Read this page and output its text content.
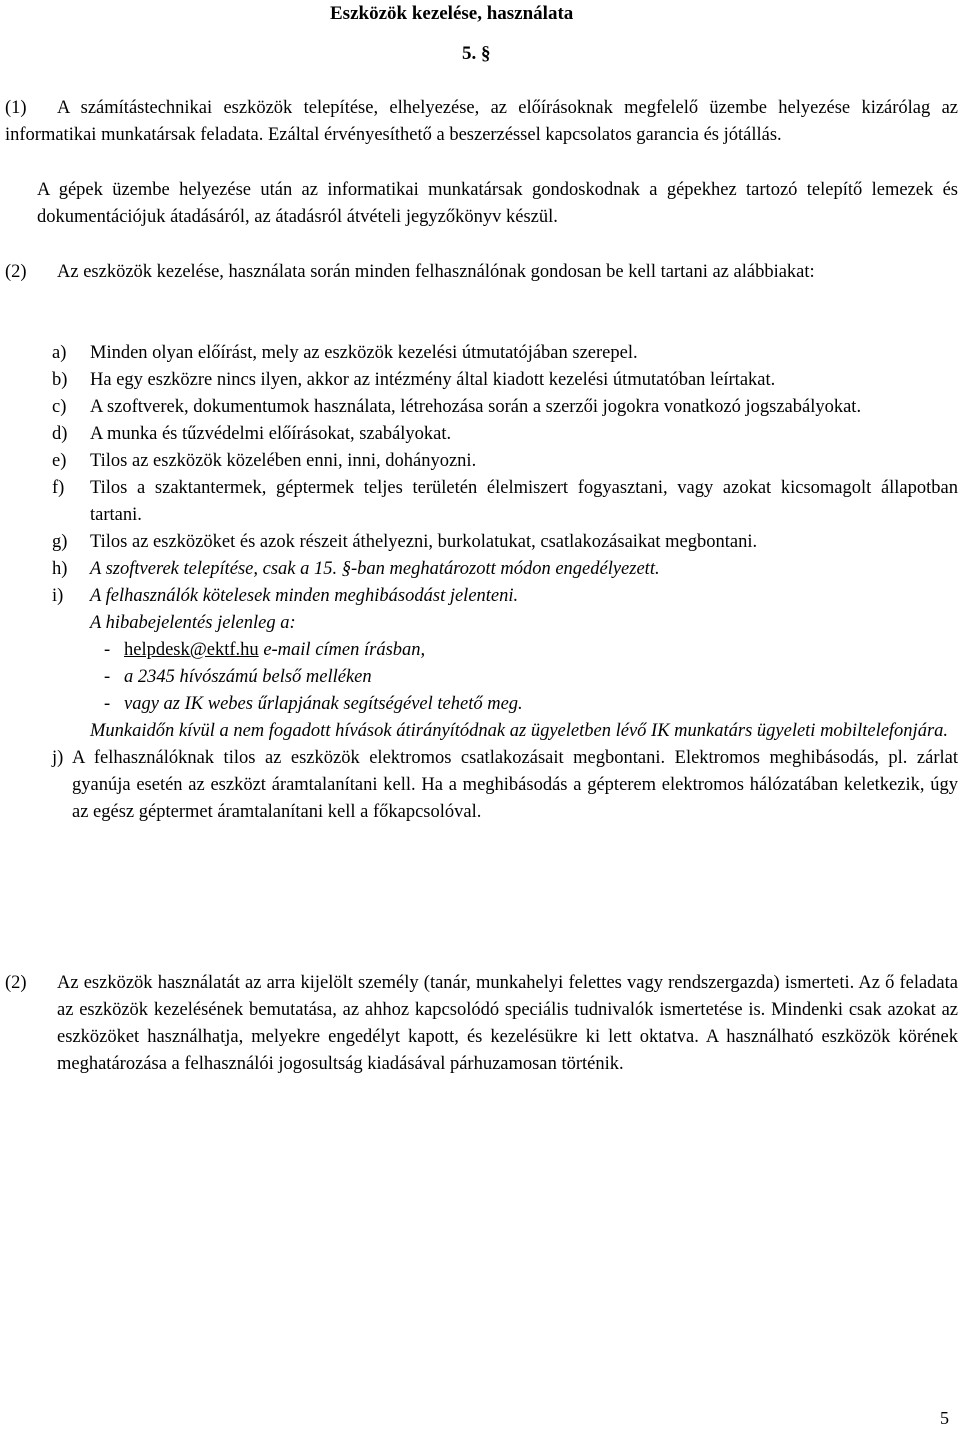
Eszközök kezelése, használata
5. §
(1)	A számítástechnikai eszközök telepítése, elhelyezése, az előírásoknak megfelelő üzembe helyezése kizárólag az informatikai munkatársak feladata. Ezáltal érvényesíthető a beszerzéssel kapcsolatos garancia és jótállás.
A gépek üzembe helyezése után az informatikai munkatársak gondoskodnak a gépekhez tartozó telepítő lemezek és dokumentációjuk átadásáról, az átadásról átvételi jegyzőkönyv készül.
(2)	Az eszközök kezelése, használata során minden felhasználónak gondosan be kell tartani az alábbiakat:
a) Minden olyan előírást, mely az eszközök kezelési útmutatójában szerepel.
b) Ha egy eszközre nincs ilyen, akkor az intézmény által kiadott kezelési útmutatóban leírtakat.
c) A szoftverek, dokumentumok használata, létrehozása során a szerzői jogokra vonatkozó jogszabályokat.
d) A munka és tűzvédelmi előírásokat, szabályokat.
e) Tilos az eszközök közelében enni, inni, dohányozni.
f) Tilos a szaktantermek, géptermek teljes területén élelmiszert fogyasztani, vagy azokat kicsomagolt állapotban tartani.
g) Tilos az eszközöket és azok részeit áthelyezni, burkolatukat, csatlakozásaikat megbontani.
h) A szoftverek telepítése, csak a 15. §-ban meghatározott módon engedélyezett.
i) A felhasználók kötelesek minden meghibásodást jelenteni.
A hibabejelentés jelenleg a:
- helpdesk@ektf.hu e-mail címen írásban,
- a 2345 hívószámú belső melléken
- vagy az IK webes űrlapjának segítségével tehető meg.
Munkaidőn kívül a nem fogadott hívások átirányítódnak az ügyeletben lévő IK munkatárs ügyeleti mobiltelefonjára.
j) A felhasználóknak tilos az eszközök elektromos csatlakozásait megbontani. Elektromos meghibásodás, pl. zárlat gyanúja esetén az eszközt áramtalanítani kell. Ha a meghibásodás a gépterem elektromos hálózatában keletkezik, úgy az egész géptermet áramtalanítani kell a főkapcsolóval.
(2)	Az eszközök használatát az arra kijelölt személy (tanár, munkahelyi felettes vagy rendszergazda) ismerteti. Az ő feladata az eszközök kezelésének bemutatása, az ahhoz kapcsolódó speciális tudnivalók ismertetése is. Mindenki csak azokat az eszközöket használhatja, melyekre engedélyt kapott, és kezelésükre ki lett oktatva. A használható eszközök körének meghatározása a felhasználói jogosultság kiadásával párhuzamosan történik.
5
